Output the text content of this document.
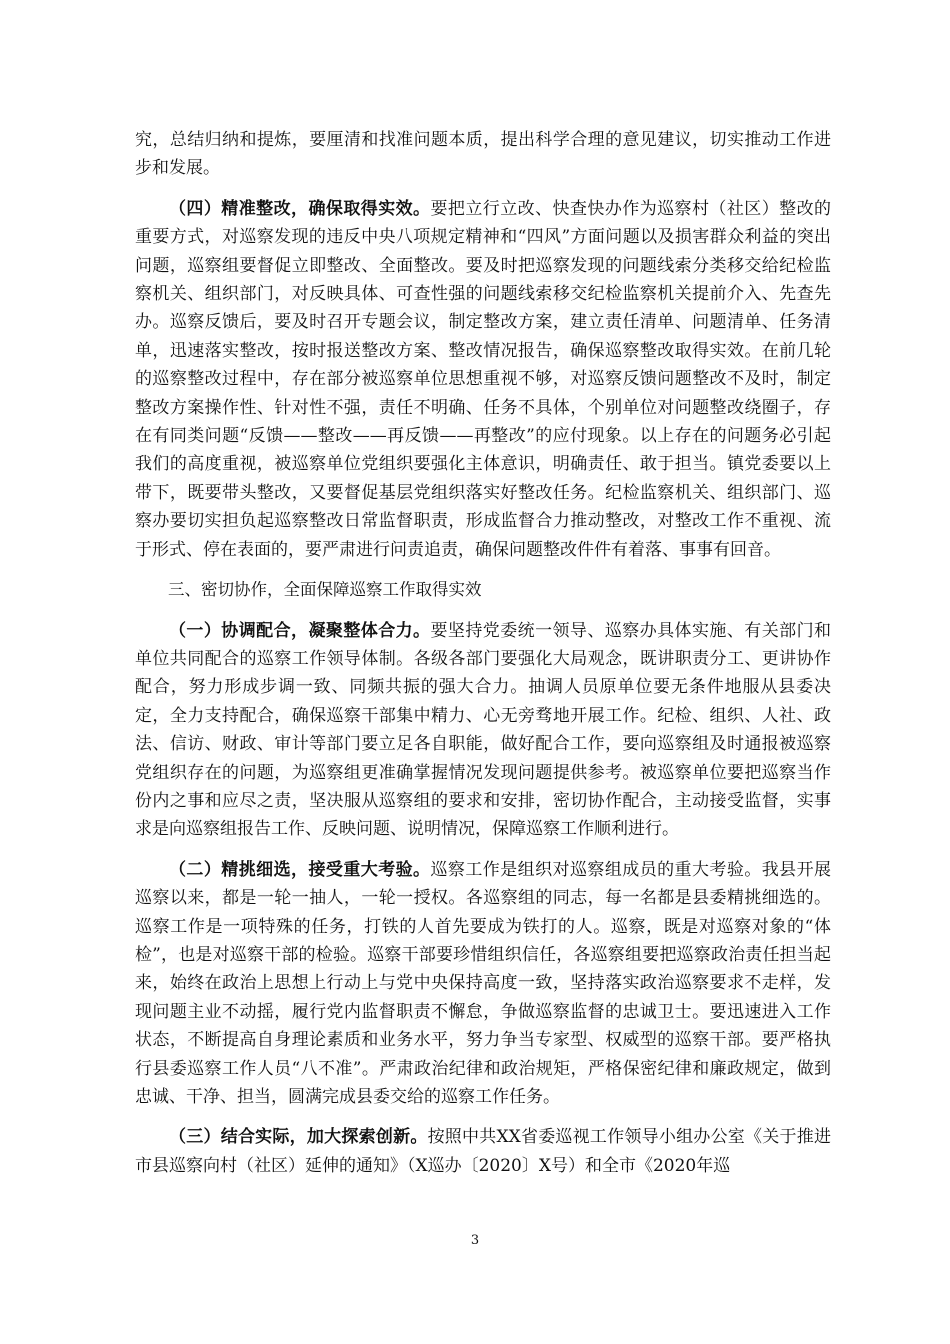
究，总结归纳和提炼，要厘清和找准问题本质，提出科学合理的意见建议，切实推动工作进步和发展。

（四）精准整改，确保取得实效。要把立行立改、快查快办作为巡察村（社区）整改的重要方式，对巡察发现的违反中央八项规定精神和“四风”方面问题以及损害群众利益的突出问题，巡察组要督促立即整改、全面整改。要及时把巡察发现的问题线索分类移交给纪检监察机关、组织部门，对反映具体、可查性强的问题线索移交纪检监察机关提前介入、先查先办。巡察反馈后，要及时召开专题会议，制定整改方案，建立责任清单、问题清单、任务清单，迅速落实整改，按时报送整改方案、整改情况报告，确保巡察整改取得实效。在前几轮的巡察整改过程中，存在部分被巡察单位思想重视不够，对巡察反馈问题整改不及时，制定整改方案操作性、针对性不强，责任不明确、任务不具体，个别单位对问题整改绕圈子，存在有同类问题“反馈——整改——再反馈——再整改”的应付现象。以上存在的问题务必引起我们的高度重视，被巡察单位党组织要强化主体意识，明确责任、敢于担当。镇党委要以上带下，既要带头整改，又要督促基层党组织落实好整改任务。纪检监察机关、组织部门、巡察办要切实担负起巡察整改日常监督职责，形成监督合力推动整改，对整改工作不重视、流于形式、停在表面的，要严肃进行问责追责，确保问题整改件件有着落、事事有回音。

三、密切协作，全面保障巡察工作取得实效

（一）协调配合，凝聚整体合力。要坚持党委统一领导、巡察办具体实施、有关部门和单位共同配合的巡察工作领导体制。各级各部门要强化大局观念，既讲职责分工、更讲协作配合，努力形成步调一致、同频共振的强大合力。抽调人员原单位要无条件地服从县委决定，全力支持配合，确保巡察干部集中精力、心无旁骛地开展工作。纪检、组织、人社、政法、信访、财政、审计等部门要立足各自职能，做好配合工作，要向巡察组及时通报被巡察党组织存在的问题，为巡察组更准确掌握情况发现问题提供参考。被巡察单位要把巡察当作份内之事和应尽之责，坚决服从巡察组的要求和安排，密切协作配合，主动接受监督，实事求是向巡察组报告工作、反映问题、说明情况，保障巡察工作顺利进行。

（二）精挑细选，接受重大考验。巡察工作是组织对巡察组成员的重大考验。我县开展巡察以来，都是一轮一抽人，一轮一授权。各巡察组的同志，每一名都是县委精挑细选的。巡察工作是一项特殊的任务，打铁的人首先要成为铁打的人。巡察，既是对巡察对象的“体检”，也是对巡察干部的检验。巡察干部要珍惜组织信任，各巡察组要把巡察政治责任担当起来，始终在政治上思想上行动上与党中央保持高度一致，坚持落实政治巡察要求不走样，发现问题主业不动摇，履行党内监督职责不懈怠，争做巡察监督的忠诚卫士。要迅速进入工作状态，不断提高自身理论素质和业务水平，努力争当专家型、权威型的巡察干部。要严格执行县委巡察工作人员“八不准”。严肃政治纪律和政治规矩，严格保密纪律和廉政规定，做到忠诚、干净、担当，圆满完成县委交给的巡察工作任务。

（三）结合实际，加大探索创新。按照中共XX省委巡视工作领导小组办公室《关于推进市县巡察向村（社区）延伸的通知》（X巡办〔2020〕X号）和全市《2020年巡

3
